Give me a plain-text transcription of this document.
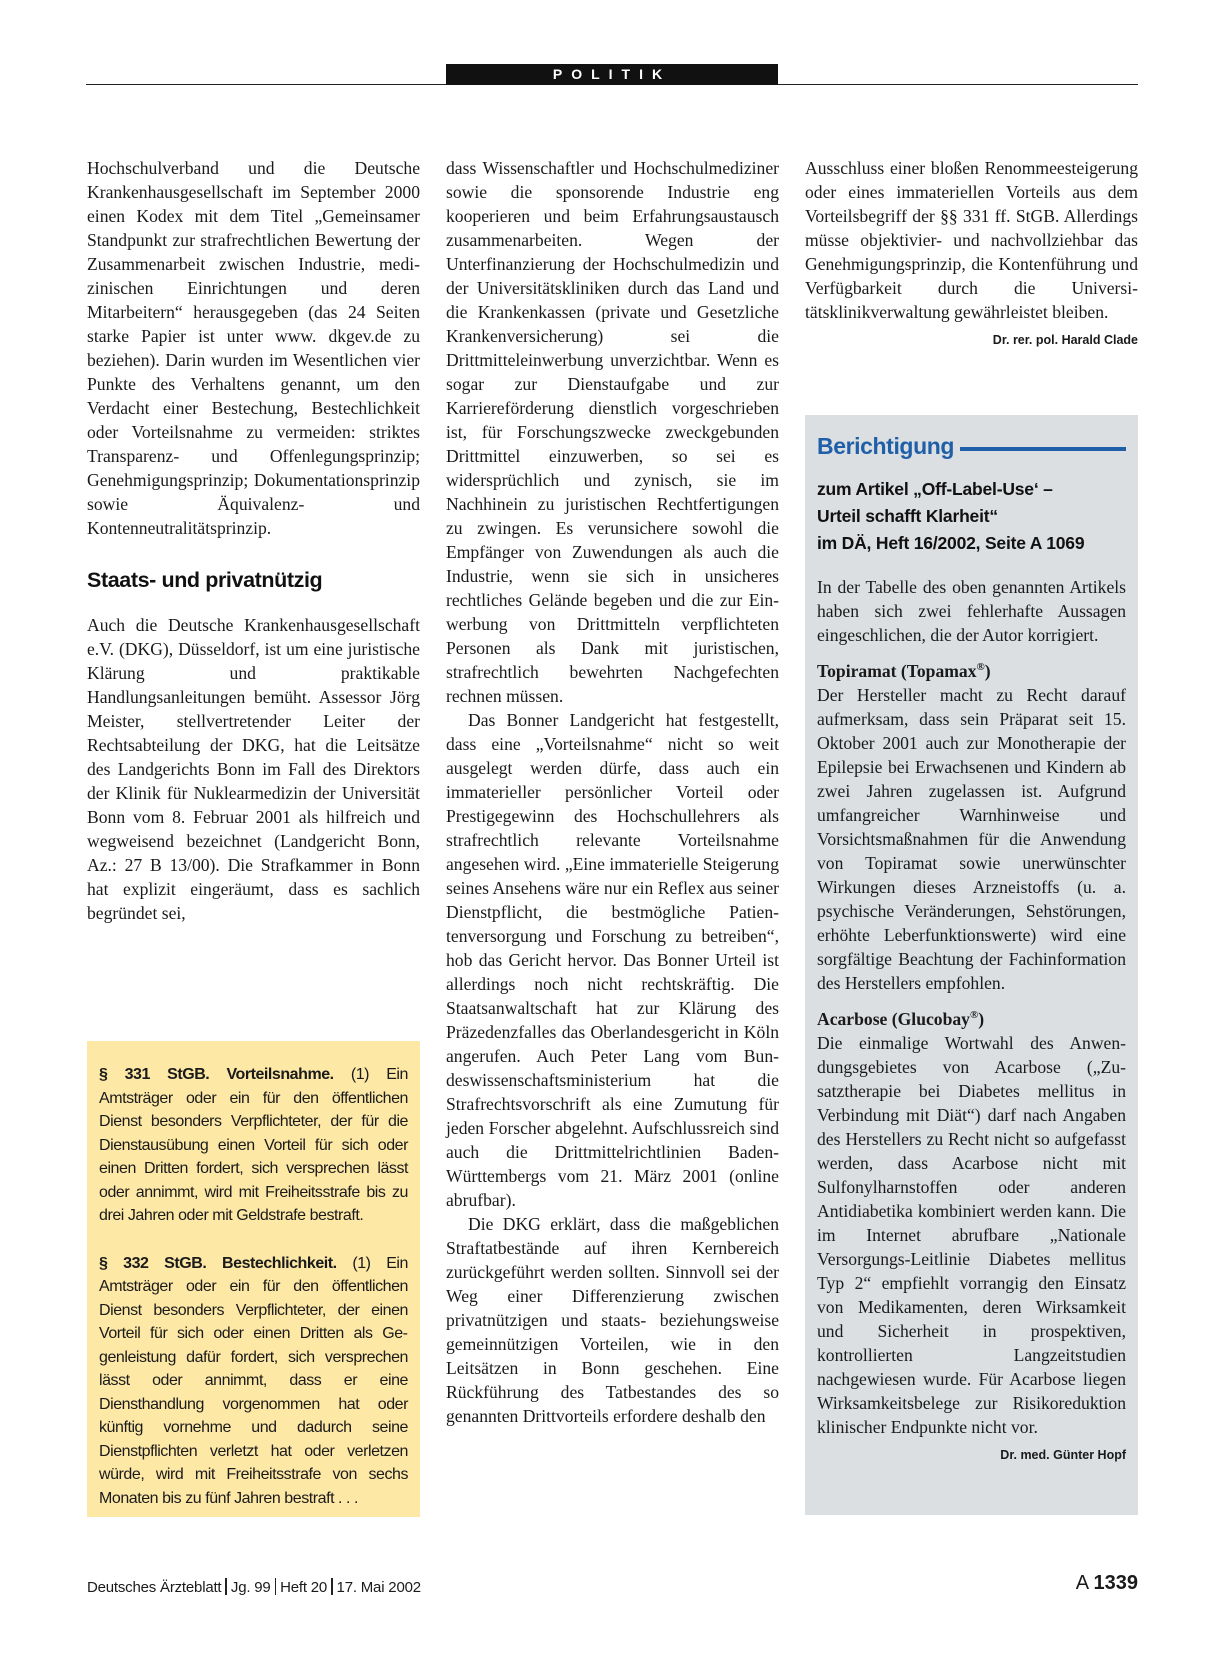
POLITIK

Hochschulverband und die Deutsche Krankenhausgesellschaft im September 2000 einen Kodex mit dem Titel „Gemeinsamer Standpunkt zur strafrechtlichen Bewertung der Zusammenarbeit zwischen Industrie, medizinischen Einrichtungen und deren Mitarbeitern“ herausgegeben (das 24 Seiten starke Papier ist unter www. dkgev.de zu beziehen). Darin wurden im Wesentlichen vier Punkte des Verhaltens genannt, um den Verdacht einer Bestechung, Bestechlichkeit oder Vorteilsnahme zu vermeiden: striktes Transparenz- und Offenlegungsprinzip; Genehmigungsprinzip; Dokumentationsprinzip sowie Äquivalenz- und Kontenneutralitätsprinzip.

Staats- und privatnützig

Auch die Deutsche Krankenhausgesellschaft e.V. (DKG), Düsseldorf, ist um eine juristische Klärung und praktikable Handlungsanleitungen bemüht. Assessor Jörg Meister, stellvertretender Leiter der Rechtsabteilung der DKG, hat die Leitsätze des Landgerichts Bonn im Fall des Direktors der Klinik für Nuklearmedizin der Universität Bonn vom 8. Februar 2001 als hilfreich und wegweisend bezeichnet (Landgericht Bonn, Az.: 27 B 13/00). Die Strafkammer in Bonn hat explizit eingeräumt, dass es sachlich begründet sei,

§ 331 StGB. Vorteilsnahme. (1) Ein Amtsträger oder ein für den öffentlichen Dienst besonders Verpflichteter, der für die Dienstausübung einen Vorteil für sich oder einen Dritten fordert, sich versprechen lässt oder annimmt, wird mit Freiheitsstrafe bis zu drei Jahren oder mit Geldstrafe bestraft.

§ 332 StGB. Bestechlichkeit. (1) Ein Amtsträger oder ein für den öffentlichen Dienst besonders Verpflichteter, der einen Vorteil für sich oder einen Dritten als Gegenleistung dafür fordert, sich versprechen lässt oder annimmt, dass er eine Diensthandlung vorgenommen hat oder künftig vornehme und dadurch seine Dienstpflichten verletzt hat oder verletzen würde, wird mit Freiheitsstrafe von sechs Monaten bis zu fünf Jahren bestraft . . .

dass Wissenschaftler und Hochschulmediziner sowie die sponsorende Industrie eng kooperieren und beim Erfahrungsaustausch zusammenarbeiten. Wegen der Unterfinanzierung der Hochschulmedizin und der Universitätskliniken durch das Land und die Krankenkassen (private und Gesetzliche Krankenversicherung) sei die Drittmitteleinwerbung unverzichtbar. Wenn es sogar zur Dienstaufgabe und zur Karriereförderung dienstlich vorgeschrieben ist, für Forschungszwecke zweckgebunden Drittmittel einzuwerben, so sei es widersprüchlich und zynisch, sie im Nachhinein zu juristischen Rechtfertigungen zu zwingen. Es verunsichere sowohl die Empfänger von Zuwendungen als auch die Industrie, wenn sie sich in unsicheres rechtliches Gelände begeben und die zur Einwerbung von Drittmitteln verpflichteten Personen als Dank mit juristischen, strafrechtlich bewehrten Nachgefechten rechnen müssen.

Das Bonner Landgericht hat festgestellt, dass eine „Vorteilsnahme“ nicht so weit ausgelegt werden dürfe, dass auch ein immaterieller persönlicher Vorteil oder Prestigegewinn des Hochschullehrers als strafrechtlich relevante Vorteilsnahme angesehen wird. „Eine immaterielle Steigerung seines Ansehens wäre nur ein Reflex aus seiner Dienstpflicht, die bestmögliche Patientenversorgung und Forschung zu betreiben“, hob das Gericht hervor. Das Bonner Urteil ist allerdings noch nicht rechtskräftig. Die Staatsanwaltschaft hat zur Klärung des Präzedenzfalles das Oberlandesgericht in Köln angerufen. Auch Peter Lang vom Bundeswissenschaftsministerium hat die Strafrechtsvorschrift als eine Zumutung für jeden Forscher abgelehnt. Aufschlussreich sind auch die Drittmittelrichtlinien Baden-Württembergs vom 21. März 2001 (online abrufbar).

Die DKG erklärt, dass die maßgeblichen Straftatbestände auf ihren Kernbereich zurückgeführt werden sollten. Sinnvoll sei der Weg einer Differenzierung zwischen privatnützigen und staats- beziehungsweise gemeinnützigen Vorteilen, wie in den Leitsätzen in Bonn geschehen. Eine Rückführung des Tatbestandes des so genannten Drittvorteils erfordere deshalb den

Ausschluss einer bloßen Renommeesteigerung oder eines immateriellen Vorteils aus dem Vorteilsbegriff der §§ 331 ff. StGB. Allerdings müsse objektivier- und nachvollziehbar das Genehmigungsprinzip, die Kontenführung und Verfügbarkeit durch die Universitätsklinikverwaltung gewährleistet bleiben.
Dr. rer. pol. Harald Clade

Berichtigung
zum Artikel „Off-Label-Use‘ –
Urteil schafft Klarheit“
im DÄ, Heft 16/2002, Seite A 1069

In der Tabelle des oben genannten Artikels haben sich zwei fehlerhafte Aussagen eingeschlichen, die der Autor korrigiert.

Topiramat (Topamax®)

Der Hersteller macht zu Recht darauf aufmerksam, dass sein Präparat seit 15. Oktober 2001 auch zur Monotherapie der Epilepsie bei Erwachsenen und Kindern ab zwei Jahren zugelassen ist. Aufgrund umfangreicher Warnhinweise und Vorsichtsmaßnahmen für die Anwendung von Topiramat sowie unerwünschter Wirkungen dieses Arzneistoffs (u. a. psychische Veränderungen, Sehstörungen, erhöhte Leberfunktionswerte) wird eine sorgfältige Beachtung der Fachinformation des Herstellers empfohlen.

Acarbose (Glucobay®)

Die einmalige Wortwahl des Anwendungsgebietes von Acarbose („Zusatztherapie bei Diabetes mellitus in Verbindung mit Diät“) darf nach Angaben des Herstellers zu Recht nicht so aufgefasst werden, dass Acarbose nicht mit Sulfonylharnstoffen oder anderen Antidiabetika kombiniert werden kann. Die im Internet abrufbare „Nationale Versorgungs-Leitlinie Diabetes mellitus Typ 2“ empfiehlt vorrangig den Einsatz von Medikamenten, deren Wirksamkeit und Sicherheit in prospektiven, kontrollierten Langzeitstudien nachgewiesen wurde. Für Acarbose liegen Wirksamkeitsbelege zur Risikoreduktion klinischer Endpunkte nicht vor.
Dr. med. Günter Hopf

Deutsches Ärzteblatt Jg. 99 Heft 20 17. Mai 2002	A 1339
